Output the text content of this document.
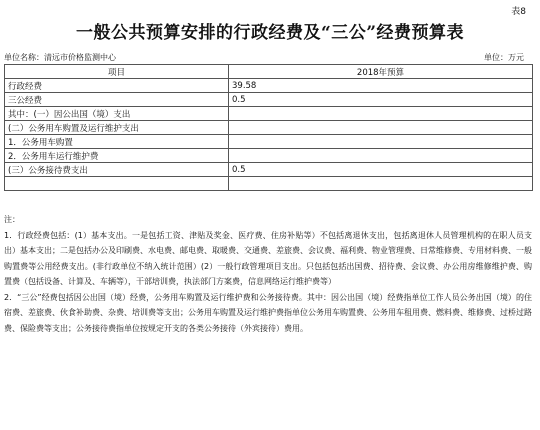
表8
一般公共预算安排的行政经费及“三公”经费预算表
单位名称：清远市价格监测中心	单位：万元
项目	2018年预算
行政经费	39.58
三公经费	0.5
其中：(一）因公出国（境）支出	
(二）公务用车购置及运行维护支出	
1．公务用车购置	
2．公务用车运行维护费	
(三）公务接待费支出	0.5

注：

1．行政经费包括：(1）基本支出。一是包括工资、津贴及奖金、医疗费、住房补贴等）不包括离退休支出，包括离退休人员管理机构的在职人员支出）基本支出；二是包括办公及印刷费、水电费、邮电费、取暖费、交通费、差旅费、会议费、福利费、物业管理费、日常维修费、专用材料费、一般购置费等公用经费支出。(非行政单位不纳入统计范围）(2）一般行政管理项目支出。只包括包括出国费、招待费、会议费、办公用房维修维护费、购置费（包括设备、计算及、车辆等），干部培训费，执法部门方案费，信息网络运行维护费等）

2．“三公”经费包括因公出国（境）经费，公务用车购置及运行维护费和公务接待费。其中：因公出国（境）经费指单位工作人员公务出国（境）的住宿费、差旅费、伙食补助费、杂费、培训费等支出；公务用车购置及运行维护费指单位公务用车购置费、公务用车租用费、燃料费、维修费、过桥过路费、保险费等支出；公务接待费指单位按规定开支的各类公务接待（外宾接待）费用。
